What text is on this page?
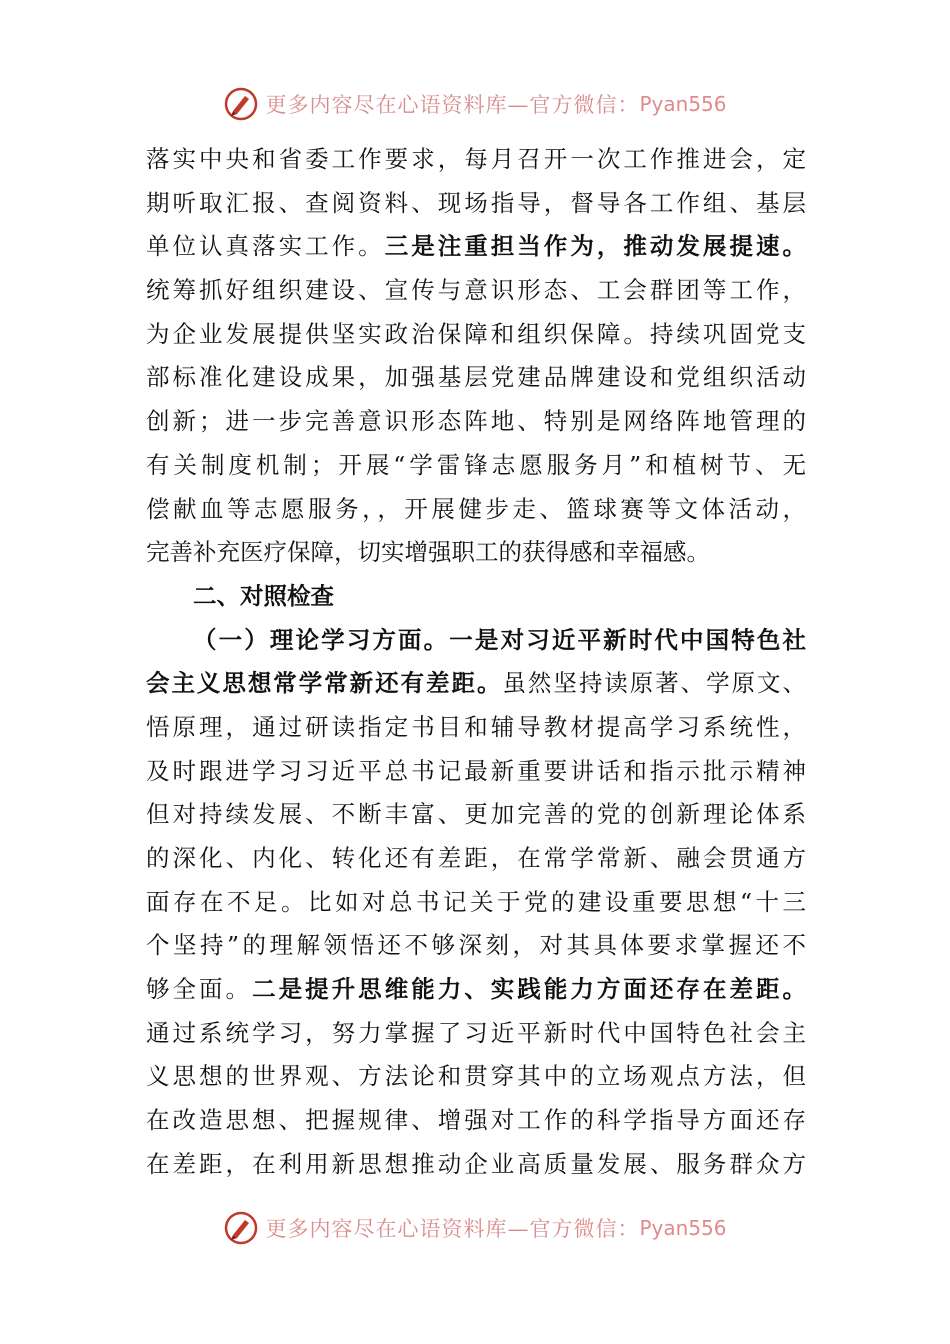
更多内容尽在心语资料库—官方微信： Pyan556
落实中央和省委工作要求，每月召开一次工作推进会，定
期听取汇报、查阅资料、现场指导，督导各工作组、基层
单位认真落实工作。三是注重担当作为，推动发展提速。
统筹抓好组织建设、宣传与意识形态、工会群团等工作，
为企业发展提供坚实政治保障和组织保障。持续巩固党支
部标准化建设成果，加强基层党建品牌建设和党组织活动
创新；进一步完善意识形态阵地、特别是网络阵地管理的
有关制度机制；开展“学雷锋志愿服务月”和植树节、无
偿献血等志愿服务，，开展健步走、篮球赛等文体活动，
完善补充医疗保障，切实增强职工的获得感和幸福感。
二、对照检查
（一）理论学习方面。一是对习近平新时代中国特色社
会主义思想常学常新还有差距。虽然坚持读原著、学原文、
悟原理，通过研读指定书目和辅导教材提高学习系统性，
及时跟进学习习近平总书记最新重要讲话和指示批示精神
但对持续发展、不断丰富、更加完善的党的创新理论体系
的深化、内化、转化还有差距，在常学常新、融会贯通方
面存在不足。比如对总书记关于党的建设重要思想“十三
个坚持”的理解领悟还不够深刻，对其具体要求掌握还不
够全面。二是提升思维能力、实践能力方面还存在差距。
通过系统学习，努力掌握了习近平新时代中国特色社会主
义思想的世界观、方法论和贯穿其中的立场观点方法，但
在改造思想、把握规律、增强对工作的科学指导方面还存
在差距，在利用新思想推动企业高质量发展、服务群众方
更多内容尽在心语资料库—官方微信： Pyan556
